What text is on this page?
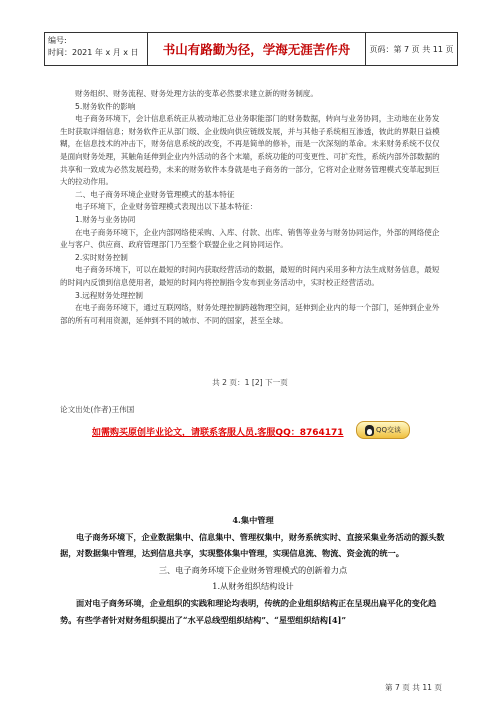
编号:
时间：2021 年 x 月 x 日	书山有路勤为径，学海无涯苦作舟	页码：第 7 页 共 11 页

财务组织、财务流程、财务处理方法的变革必然要求建立新的财务制度。

5.财务软件的影响

电子商务环境下，会计信息系统正从被动地汇总业务职能部门的财务数据，转向与业务协同，主动地在业务发生时获取详细信息；财务软件正从部门级、企业级向供应链级发展，并与其他子系统相互渗透，彼此的界限日益模糊，在信息技术的冲击下，财务信息系统的改变，不再是简单的修补，而是一次深刻的革命。未来财务系统不仅仅是面向财务处理，其触角延伸到企业内外活动的各个末端，系统功能的可变更性、可扩充性，系统内部外部数据的共享和一致成为必然发展趋势，未来的财务软件本身就是电子商务的一部分，它将对企业财务管理模式变革起到巨大的拉动作用。

二、电子商务环境企业财务管理模式的基本特征

电子环境下，企业财务管理模式表现出以下基本特征：

1.财务与业务协同

在电子商务环境下，企业内部网络使采购、入库、付款、出库、销售等业务与财务协同运作，外部的网络使企业与客户、供应商、政府管理部门乃至整个联盟企业之间协同运作。

2.实时财务控制

电子商务环境下，可以在最短的时间内获取经营活动的数据，最短的时间内采用多种方法生成财务信息，最短的时间内反馈到信息使用者，最短的时间内将控制指令发布到业务活动中，实时校正经营活动。

3.远程财务处理控制

在电子商务环境下，通过互联网络，财务处理控制跨越物理空间，延伸到企业内的每一个部门，延伸到企业外部的所有可利用资源，延伸到不同的城市、不同的国家，甚至全球。

共 2 页：1 [2] 下一页
论文出处(作者)王伟国
如需购买原创毕业论文，请联系客服人员.客服QQ：8764171	QQ交谈

4.集中管理

电子商务环境下，企业数据集中、信息集中、管理权集中，财务系统实时、直接采集业务活动的源头数据，对数据集中管理，达到信息共享，实现整体集中管理，实现信息流、物流、资金流的统一。

三、电子商务环境下企业财务管理模式的创新着力点

1.从财务组织结构设计

面对电子商务环境，企业组织的实践和理论均表明，传统的企业组织结构正在呈现出扁平化的变化趋势。有些学者针对财务组织提出了“水平总线型组织结构”、“星型组织结构[4]”

第 7 页 共 11 页
